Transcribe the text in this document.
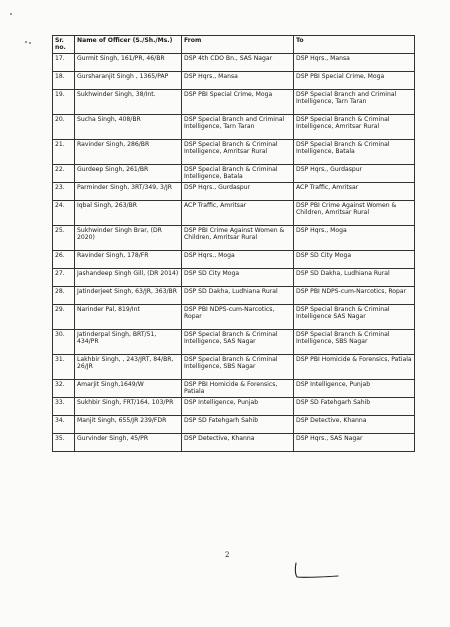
Sr. no.	Name of Officer (S./Sh./Ms.)	From	To
17.	Gurmit Singh, 161/PR, 46/BR	DSP 4th CDO Bn., SAS Nagar	DSP Hqrs., Mansa
18.	Gursharanjit Singh , 1365/PAP	DSP Hqrs., Mansa	DSP PBI Special Crime, Moga
19.	Sukhwinder Singh, 38/Int.	DSP PBI Special Crime, Moga	DSP Special Branch and Criminal Intelligence, Tarn Taran
20.	Sucha Singh, 408/BR	DSP Special Branch and Criminal Intelligence, Tarn Taran	DSP Special Branch & Criminal Intelligence, Amritsar Rural
21.	Ravinder Singh, 286/BR	DSP Special Branch & Criminal Intelligence, Amritsar Rural	DSP Special Branch & Criminal Intelligence, Batala
22.	Gurdeep Singh, 261/BR	DSP Special Branch & Criminal Intelligence, Batala	DSP Hqrs., Gurdaspur
23.	Parminder Singh, 3RT/349, 3/JR	DSP Hqrs., Gurdaspur	ACP Traffic, Amritsar
24.	Iqbal Singh, 263/BR	ACP Traffic, Amritsar	DSP PBI Crime Against Women & Children, Amritsar Rural
25.	Sukhwinder Singh Brar, (DR 2020)	DSP PBI Crime Against Women & Children, Amritsar Rural	DSP Hqrs., Moga
26.	Ravinder Singh, 178/FR	DSP Hqrs., Moga	DSP SD City Moga
27.	Jashandeep Singh Gill, (DR 2014)	DSP SD City Moga	DSP SD Dakha, Ludhiana Rural
28.	Jatinderjeet Singh, 63/JR, 363/BR	DSP SD Dakha, Ludhiana Rural	DSP PBI NDPS-cum-Narcotics, Ropar
29.	Narinder Pal, 819/Int	DSP PBI NDPS-cum-Narcotics, Ropar	DSP Special Branch & Criminal Intelligence SAS Nagar
30.	Jatinderpal Singh, BRT/51, 434/PR	DSP Special Branch & Criminal Intelligence, SAS Nagar	DSP Special Branch & Criminal Intelligence, SBS Nagar
31.	Lakhbir Singh, , 243/JRT, 84/BR, 26/JR	DSP Special Branch & Criminal Intelligence, SBS Nagar	DSP PBI Homicide & Forensics, Patiala
32.	Amarjit Singh,1649/W	DSP PBI Homicide & Forensics, Patiala	DSP Intelligence, Punjab
33.	Sukhbir Singh, FRT/164, 103/PR	DSP Intelligence, Punjab	DSP SD Fatehgarh Sahib
34.	Manjit Singh, 655/JR 239/FDR	DSP SD Fatehgarh Sahib	DSP Detective, Khanna
35.	Gurvinder Singh, 45/PR	DSP Detective, Khanna	DSP Hqrs., SAS Nagar
2
